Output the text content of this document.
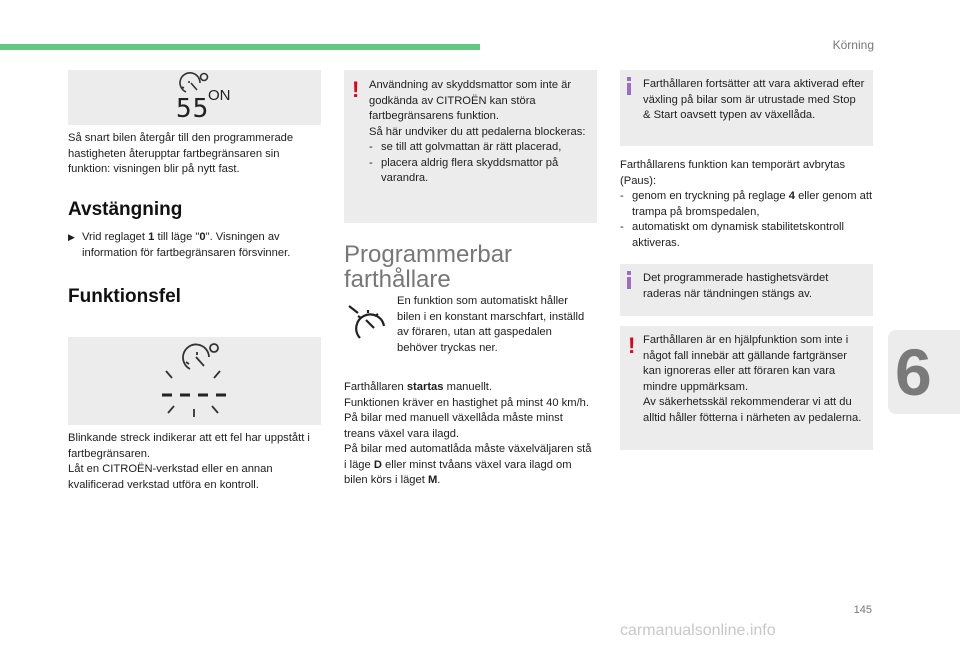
Körning
55
ON
Så snart bilen återgår till den programmerade hastigheten återupptar fartbegränsaren sin funktion: visningen blir på nytt fast.
Avstängning
▶ Vrid reglaget 1 till läge "0". Visningen av information för fartbegränsaren försvinner.
Funktionsfel
Blinkande streck indikerar att ett fel har uppstått i fartbegränsaren.
Låt en CITROËN-verkstad eller en annan kvalificerad verkstad utföra en kontroll.
! Användning av skyddsmattor som inte är godkända av CITROËN kan störa fartbegränsarens funktion.
Så här undviker du att pedalerna blockeras:
- se till att golvmattan är rätt placerad,
- placera aldrig flera skyddsmattor på varandra.
Programmerbar
farthållare
En funktion som automatiskt håller bilen i en konstant marschfart, inställd av föraren, utan att gaspedalen behöver tryckas ner.
Farthållaren startas manuellt.
Funktionen kräver en hastighet på minst 40 km/h.
På bilar med manuell växellåda måste minst treans växel vara ilagd.
På bilar med automatlåda måste växelväljaren stå i läge D eller minst tvåans växel vara ilagd om bilen körs i läget M.
Farthållaren fortsätter att vara aktiverad efter växling på bilar som är utrustade med Stop & Start oavsett typen av växellåda.
Farthållarens funktion kan temporärt avbrytas (Paus):
- genom en tryckning på reglage 4 eller genom att trampa på bromspedalen,
- automatiskt om dynamisk stabilitetskontroll aktiveras.
Det programmerade hastighetsvärdet raderas när tändningen stängs av.
! Farthållaren är en hjälpfunktion som inte i något fall innebär att gällande fartgränser kan ignoreras eller att föraren kan vara mindre uppmärksam.
Av säkerhetsskäl rekommenderar vi att du alltid håller fötterna i närheten av pedalerna.
6
145
carmanualsonline.info
